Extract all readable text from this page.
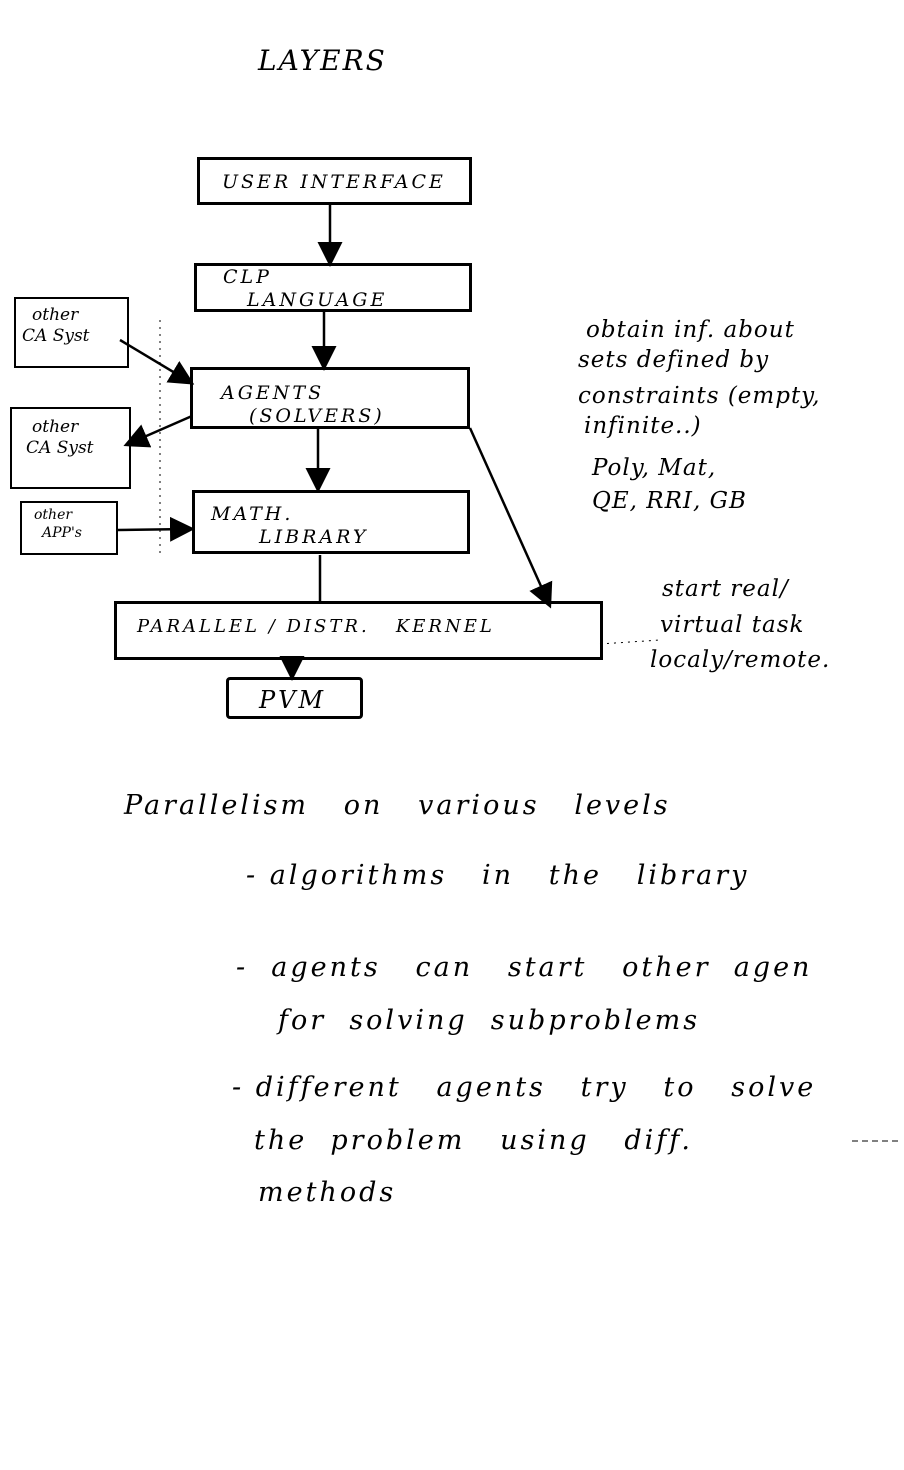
LAYERS
USER INTERFACE
CLP
LANGUAGE
AGENTS
(SOLVERS)
MATH.
LIBRARY
PARALLEL / DISTR.   KERNEL
PVM
other
CA Syst
other
CA Syst
other
APP's
obtain inf. about
sets defined by
constraints (empty,
infinite..)
Poly, Mat,
QE, RRI, GB
start real/
virtual task
localy/remote.
Parallelism   on   various   levels
- algorithms   in   the   library
-  agents   can   start   other  agen
for  solving  subproblems
- different   agents   try   to   solve
the  problem   using   diff.
methods
